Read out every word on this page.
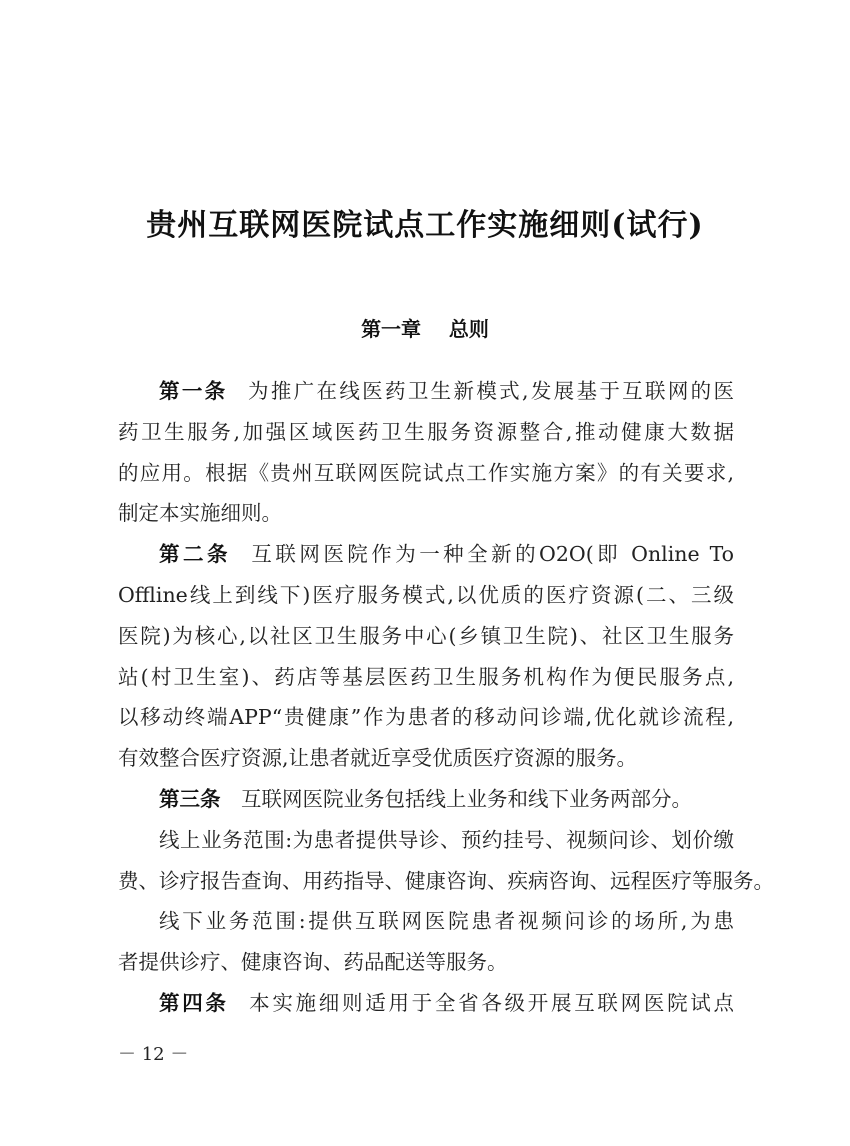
贵州互联网医院试点工作实施细则(试行)
第一章    总则
第一条 为推广在线医药卫生新模式,发展基于互联网的医
药卫生服务,加强区域医药卫生服务资源整合,推动健康大数据
的应用。根据《贵州互联网医院试点工作实施方案》的有关要求,
制定本实施细则。
第二条 互联网医院作为一种全新的O2O(即 Online To
Offline线上到线下)医疗服务模式,以优质的医疗资源(二、三级
医院)为核心,以社区卫生服务中心(乡镇卫生院)、社区卫生服务
站(村卫生室)、药店等基层医药卫生服务机构作为便民服务点,
以移动终端APP“贵健康”作为患者的移动问诊端,优化就诊流程,
有效整合医疗资源,让患者就近享受优质医疗资源的服务。
第三条 互联网医院业务包括线上业务和线下业务两部分。
线上业务范围:为患者提供导诊、预约挂号、视频问诊、划价缴
费、诊疗报告查询、用药指导、健康咨询、疾病咨询、远程医疗等服务。
线下业务范围:提供互联网医院患者视频问诊的场所,为患
者提供诊疗、健康咨询、药品配送等服务。
第四条 本实施细则适用于全省各级开展互联网医院试点
－ 12 －
